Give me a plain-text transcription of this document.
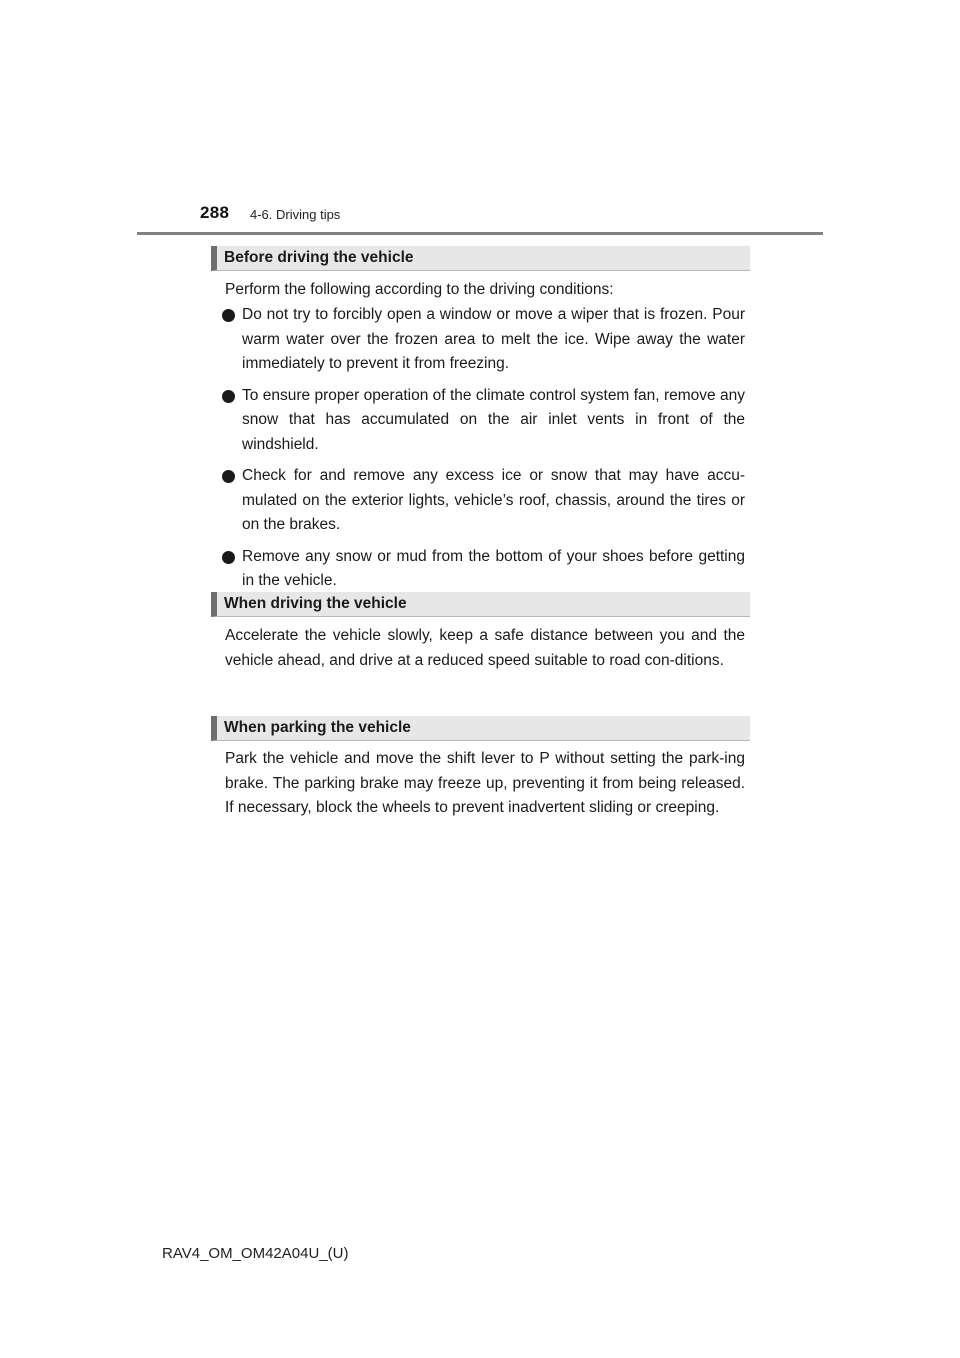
288 4-6. Driving tips
Before driving the vehicle
Perform the following according to the driving conditions:
Do not try to forcibly open a window or move a wiper that is frozen. Pour warm water over the frozen area to melt the ice. Wipe away the water immediately to prevent it from freezing.
To ensure proper operation of the climate control system fan, remove any snow that has accumulated on the air inlet vents in front of the windshield.
Check for and remove any excess ice or snow that may have accu-mulated on the exterior lights, vehicle’s roof, chassis, around the tires or on the brakes.
Remove any snow or mud from the bottom of your shoes before getting in the vehicle.
When driving the vehicle
Accelerate the vehicle slowly, keep a safe distance between you and the vehicle ahead, and drive at a reduced speed suitable to road con-ditions.
When parking the vehicle
Park the vehicle and move the shift lever to P without setting the park-ing brake. The parking brake may freeze up, preventing it from being released. If necessary, block the wheels to prevent inadvertent sliding or creeping.
RAV4_OM_OM42A04U_(U)
